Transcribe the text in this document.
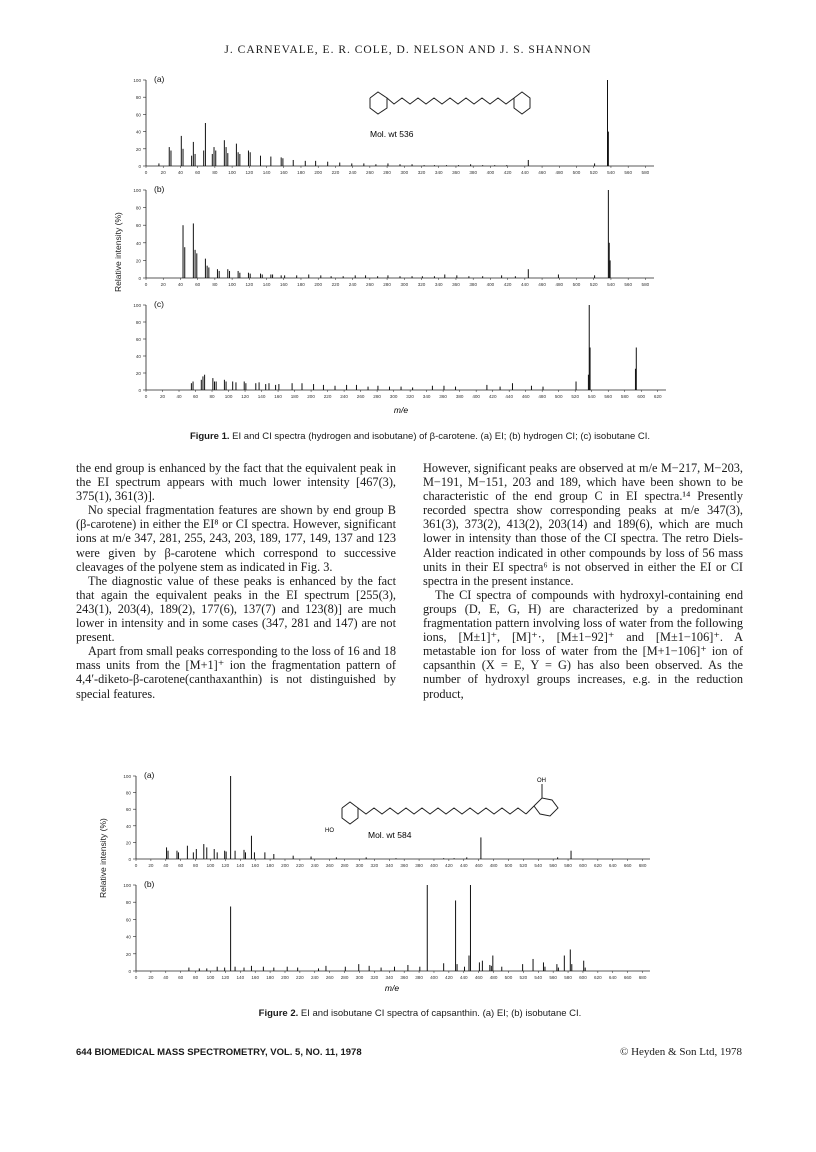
J. CARNEVALE, E. R. COLE, D. NELSON AND J. S. SHANNON
0
20
40
60
80
100
0	20	40	60	80 100 120 140 160 180 200 220 240 260 280 300 320 340 360 380 400 420 440 460 480 500 520 540 560 580
(a)
0
20
40
60
80
100
0	20	40	60	80 100 120 140 160 180 200 220 240 260 280 300 320 340 360 380 400 420 440 460 480 500 520 540 560 580
(b)
0
20
40
60
80
100
0	20 40 60 80 100 120 140 160 180 200 220 240 260 280 300 320 340 360 380 400 420 440 460 480 500 520 540 560 580 600 620
(c)
m/e
Mol. wt 536
Relative intensity (%)
Figure 1. EI and CI spectra (hydrogen and isobutane) of β-carotene. (a) EI; (b) hydrogen CI; (c) isobutane CI.

the end group is enhanced by the fact that the equivalent peak in the EI spectrum appears with much lower intensity [467(3), 375(1), 361(3)].

No special fragmentation features are shown by end group B (β-carotene) in either the EI⁸ or CI spectra. However, significant ions at m/e 347, 281, 255, 243, 203, 189, 177, 149, 137 and 123 were given by β-carotene which correspond to successive cleavages of the polyene stem as indicated in Fig. 3.

The diagnostic value of these peaks is enhanced by the fact that again the equivalent peaks in the EI spectrum [255(3), 243(1), 203(4), 189(2), 177(6), 137(7) and 123(8)] are much lower in intensity and in some cases (347, 281 and 147) are not present.

Apart from small peaks corresponding to the loss of 16 and 18 mass units from the [M+1]⁺ ion the fragmentation pattern of 4,4′-diketo-β-carotene(canthaxanthin) is not distinguished by special features.

However, significant peaks are observed at m/e M−217, M−203, M−191, M−151, 203 and 189, which have been shown to be characteristic of the end group C in EI spectra.¹⁴ Presently recorded spectra show corresponding peaks at m/e 347(3), 361(3), 373(2), 413(2), 203(14) and 189(6), which are much lower in intensity than those of the CI spectra. The retro Diels-Alder reaction indicated in other compounds by loss of 56 mass units in their EI spectra⁶ is not observed in either the EI or CI spectra in the present instance.

The CI spectra of compounds with hydroxyl-containing end groups (D, E, G, H) are characterized by a predominant fragmentation pattern involving loss of water from the following ions, [M±1]⁺, [M]⁺·, [M±1−92]⁺ and [M±1−106]⁺. A metastable ion for loss of water from the [M+1−106]⁺ ion of capsanthin (X = E, Y = G) has also been observed. As the number of hydroxyl groups increases, e.g. in the reduction product,

0
20
40
60
80
100
0 20 40 60 80 100 120 140 160 180 200 220 240 260 280 300 320 340 360 380 400 420 440 460 480 500 520 540 560 580 600 620 640 660 680
(a)
0
20
40
60
80
100
0 20 40 60 80 100 120 140 160 180 200 220 240 260 280 300 320 340 360 380 400 420 440 460 480 500 520 540 560 580 600 620 640 660 680
(b)
m/e
OH
HO	Mol. wt 584
Relative intensity (%)
Figure 2. EI and isobutane CI spectra of capsanthin. (a) EI; (b) isobutane CI.
644 BIOMEDICAL MASS SPECTROMETRY, VOL. 5, NO. 11, 1978	© Heyden & Son Ltd, 1978
